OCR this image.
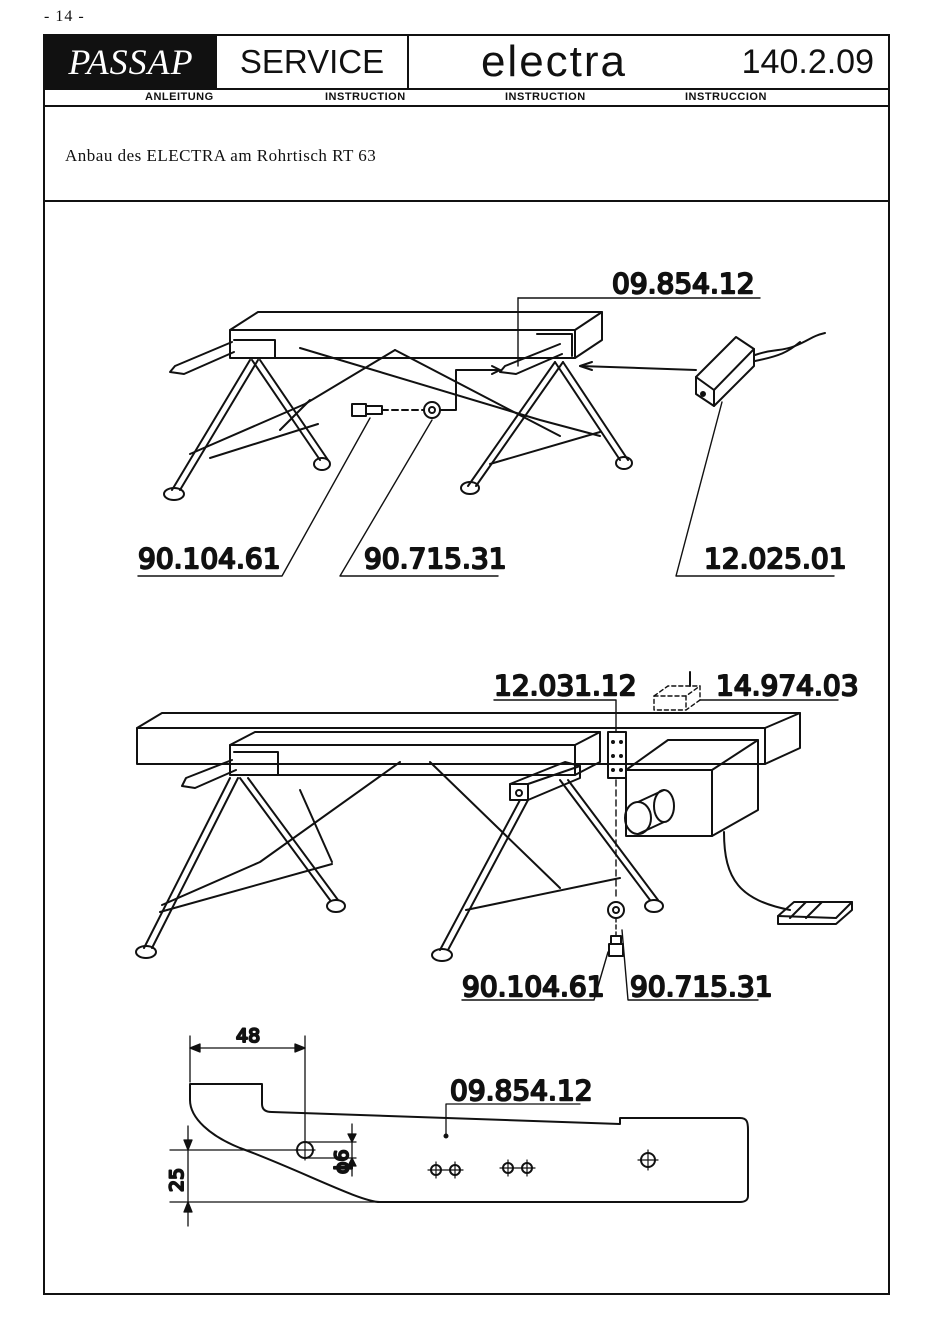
- 14 -
PASSAP	SERVICE	electra	140.2.09
ANLEITUNG	INSTRUCTION	INSTRUCTION	INSTRUCCION
Anbau des ELECTRA am Rohrtisch RT 63
09.854.12
90.104.61	90.715.31	12.025.01
12.031.12	14.974.03
90.104.61 90.715.31
48
25
ϕ6
09.854.12
